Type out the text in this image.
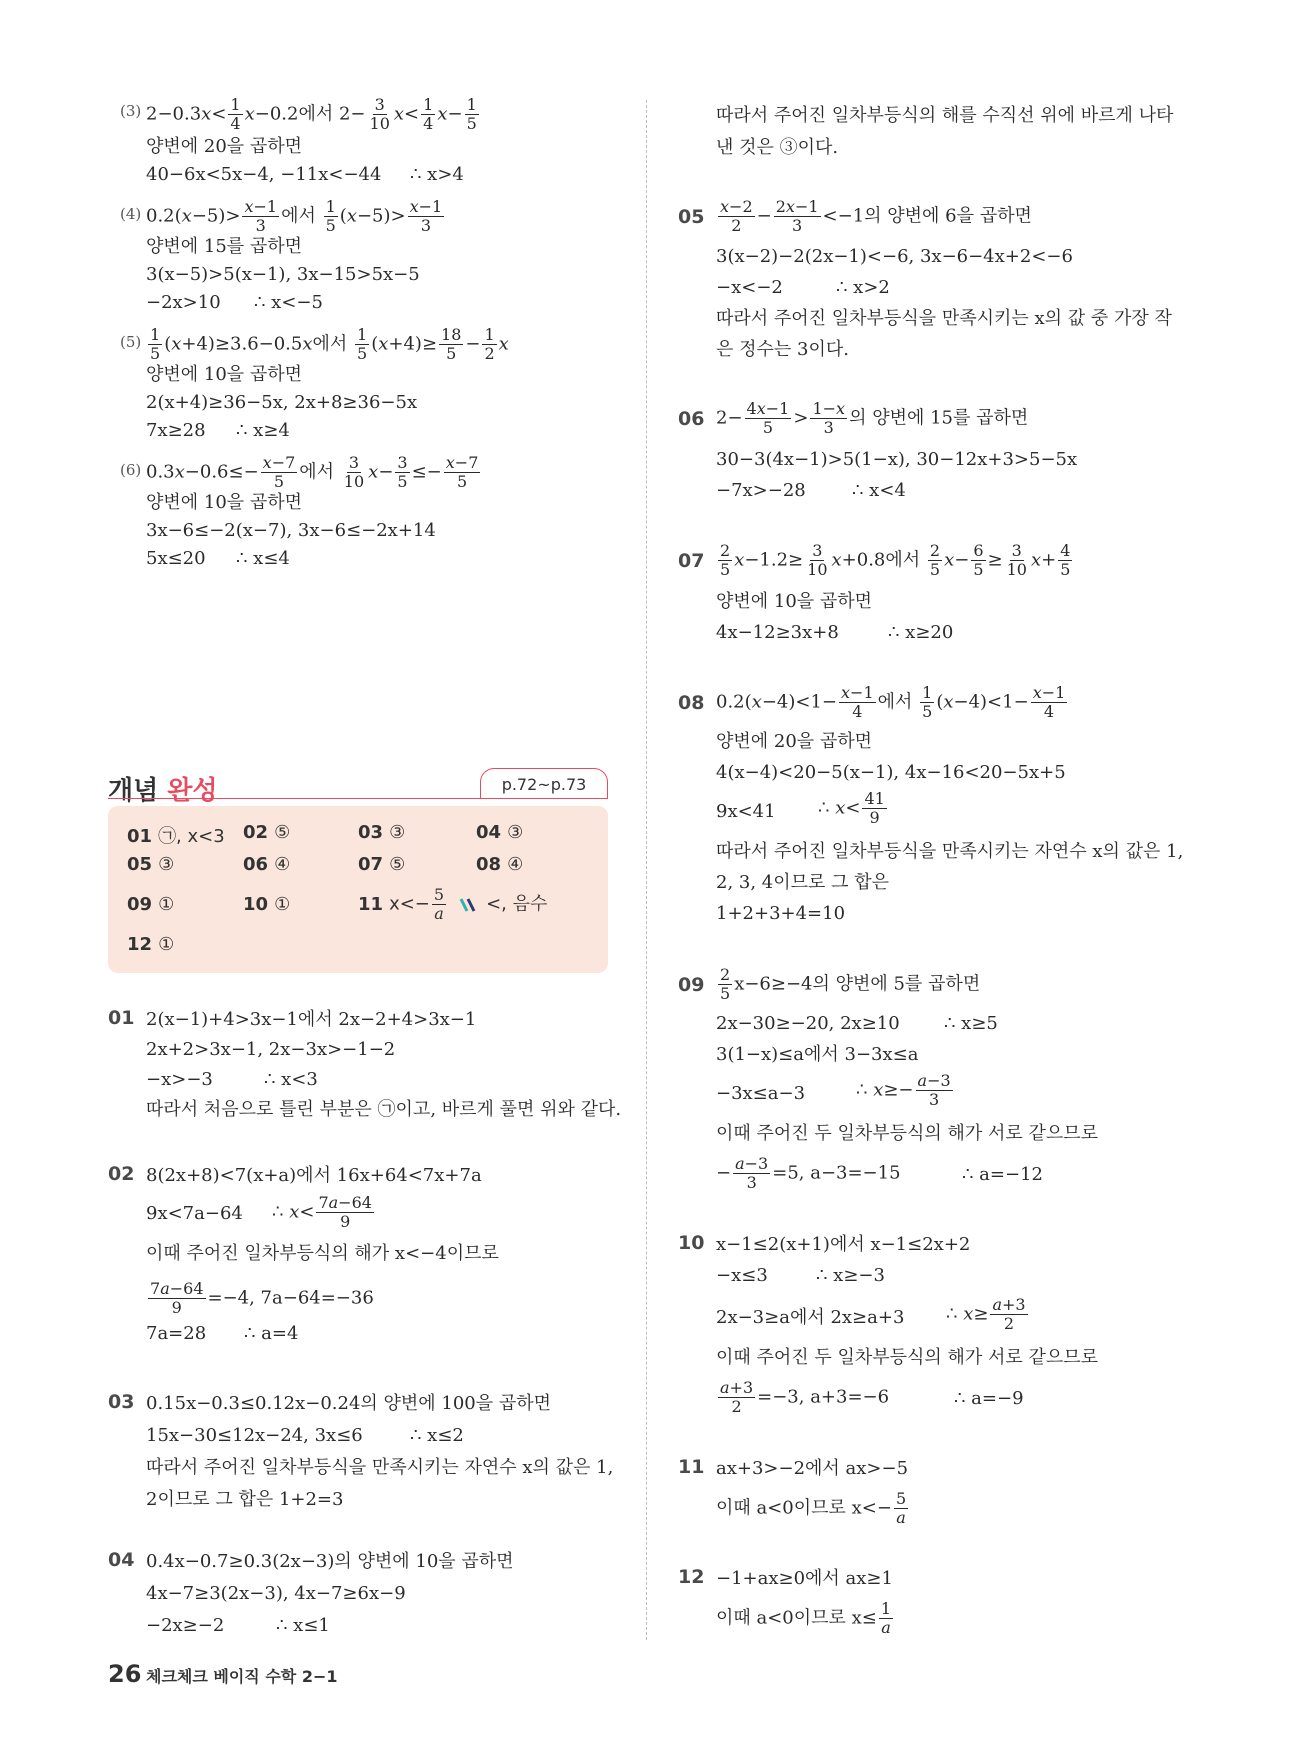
(3) $2-0.3x< \frac{1}{4} x-0.2$에서 $2- \frac{3}{10} x< \frac{1}{4} x- \frac{1}{5}$
양변에 20을 곱하면
40−6x<5x−4, −11x<−44 ∴ x>4
(4) $0.2(x-5)> \frac{x-1}{3}$ 에서 $\frac{1}{5} (x-5)> \frac{x-1}{3}$
양변에 15를 곱하면
3(x−5)>5(x−1), 3x−15>5x−5
−2x>10 ∴ x<−5
$(5) \frac{1}{5} (x+4)\ge 3.6-0.5x$에서 $\frac{1}{5} (x+4)\ge \frac{18}{5} - \frac{1}{2}$ x
양변에 10을 곱하면
2(x+4)≥36−5x, 2x+8≥36−5x
7x≥28 ∴ x≥4
(6) $0.3x-0.6\le- \frac{x-7}{5}$ 에서 $\frac{3}{10} x- \frac{3}{5} \le- \frac{x-7}{5}$
양변에 10을 곱하면
3x−6≤−2(x−7), 3x−6≤−2x+14
5x≤20 ∴ x≤4
개념 완성	p.72~p.73
01 ㉠, x<3 02 ⑤	03 ③	04 ③
05 ③	06 ④	07 ⑤	08 ④
09 ①	10 ①	11 $x<- \frac{5}{a}$ <, 음수
12 ①
01 2(x−1)+4>3x−1에서 2x−2+4>3x−1
2x+2>3x−1, 2x−3x>−1−2
−x>−3	∴ x<3
따라서 처음으로 틀린 부분은 ㉠이고, 바르게 풀면 위와 같다.
02 8(2x+8)<7(x+a)에서 16x+64<7x+7a
9x<7a−64 ∴ $x< \frac{7a-64}{9}$
이때 주어진 일차부등식의 해가 x<−4이므로
$\frac{7a-64}{9} =-4$, 7a−64=−36
7a=28 ∴ a=4
03 0.15x−0.3≤0.12x−0.24의 양변에 100을 곱하면
15x−30≤12x−24, 3x≤6	∴ x≤2
따라서 주어진 일차부등식을 만족시키는 자연수 x의 값은 1,
2이므로 그 합은 1+2=3
04 0.4x−0.7≥0.3(2x−3)의 양변에 10을 곱하면
4x−7≥3(2x−3), 4x−7≥6x−9
−2x≥−2	∴ x≤1
따라서 주어진 일차부등식의 해를 수직선 위에 바르게 나타
낸 것은 ③이다.
$05 \frac{x-2}{2} - \frac{2x-1}{3} <-1$의 양변에 6을 곱하면
3(x−2)−2(2x−1)<−6, 3x−6−4x+2<−6
−x<−2	∴ x>2
따라서 주어진 일차부등식을 만족시키는 x의 값 중 가장 작
은 정수는 3이다.
06 $2- \frac{4x-1}{5} > \frac{1-x}{3}$ 의 양변에 15를 곱하면
30−3(4x−1)>5(1−x), 30−12x+3>5−5x
−7x>−28	∴ x<4
$07 \frac{2}{5} x-1.2\ge \frac{3}{10} x+0.8$에서 $\frac{2}{5} x- \frac{6}{5} \ge \frac{3}{10} x+ \frac{4}{5}$
양변에 10을 곱하면
4x−12≥3x+8	∴ x≥20
08 $0.2(x-4)<1- \frac{x-1}{4}$ 에서 $\frac{1}{5} (x-4)<1- \frac{x-1}{4}$
양변에 20을 곱하면
4(x−4)<20−5(x−1), 4x−16<20−5x+5
9x<41 ∴ $x< \frac{41}{9}$
따라서 주어진 일차부등식을 만족시키는 자연수 x의 값은 1,
2, 3, 4이므로 그 합은
1+2+3+4=10
$09 \frac{2}{5} x-6\ge-4$의 양변에 5를 곱하면
2x−30≥−20, 2x≥10 ∴ x≥5
3(1−x)≤a에서 3−3x≤a
−3x≤a−3	∴ $x\ge- \frac{a-3}{3}$
이때 주어진 두 일차부등식의 해가 서로 같으므로
− $\frac{a-3}{3} =5$, a−3=−15	∴ a=−12
10 x−1≤2(x+1)에서 x−1≤2x+2
−x≤3	∴ x≥−3
2x−3≥a에서 2x≥a+3 ∴ $x\ge \frac{a+3}{2}$
이때 주어진 두 일차부등식의 해가 서로 같으므로
$\frac{a+3}{2} =-3$, a+3=−6	∴ a=−9
11 ax+3>−2에서 ax>−5
이때 a<0이므로 $x<- \frac{5}{a}$
12 −1+ax≥0에서 ax≥1
이때 a<0이므로 $x\le \frac{1}{a}$
26 체크체크 베이직 수학 2−1
